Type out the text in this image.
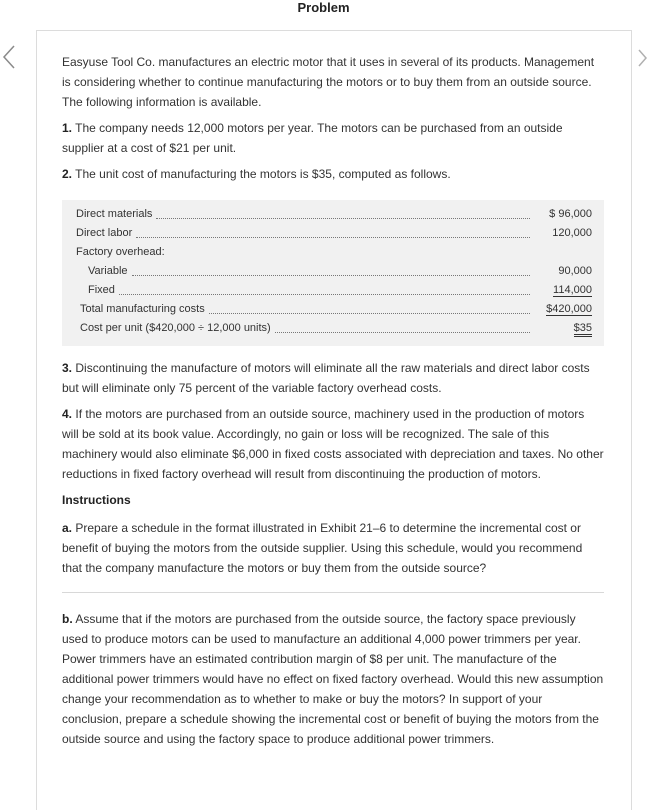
Problem

Easyuse Tool Co. manufactures an electric motor that it uses in several of its products. Management is considering whether to continue manufacturing the motors or to buy them from an outside source. The following information is available.

1. The company needs 12,000 motors per year. The motors can be purchased from an outside supplier at a cost of $21 per unit.

2. The unit cost of manufacturing the motors is $35, computed as follows.

Direct materials	$ 96,000
Direct labor	120,000
Factory overhead:
Variable	90,000
Fixed	114,000
Total manufacturing costs	$420,000
Cost per unit ($420,000 ÷ 12,000 units)	$35

3. Discontinuing the manufacture of motors will eliminate all the raw materials and direct labor costs but will eliminate only 75 percent of the variable factory overhead costs.

4. If the motors are purchased from an outside source, machinery used in the production of motors will be sold at its book value. Accordingly, no gain or loss will be recognized. The sale of this machinery would also eliminate $6,000 in fixed costs associated with depreciation and taxes. No other reductions in fixed factory overhead will result from discontinuing the production of motors.

Instructions

a. Prepare a schedule in the format illustrated in Exhibit 21–6 to determine the incremental cost or benefit of buying the motors from the outside supplier. Using this schedule, would you recommend that the company manufacture the motors or buy them from the outside source?

b. Assume that if the motors are purchased from the outside source, the factory space previously used to produce motors can be used to manufacture an additional 4,000 power trimmers per year. Power trimmers have an estimated contribution margin of $8 per unit. The manufacture of the additional power trimmers would have no effect on fixed factory overhead. Would this new assumption change your recommendation as to whether to make or buy the motors? In support of your conclusion, prepare a schedule showing the incremental cost or benefit of buying the motors from the outside source and using the factory space to produce additional power trimmers.
